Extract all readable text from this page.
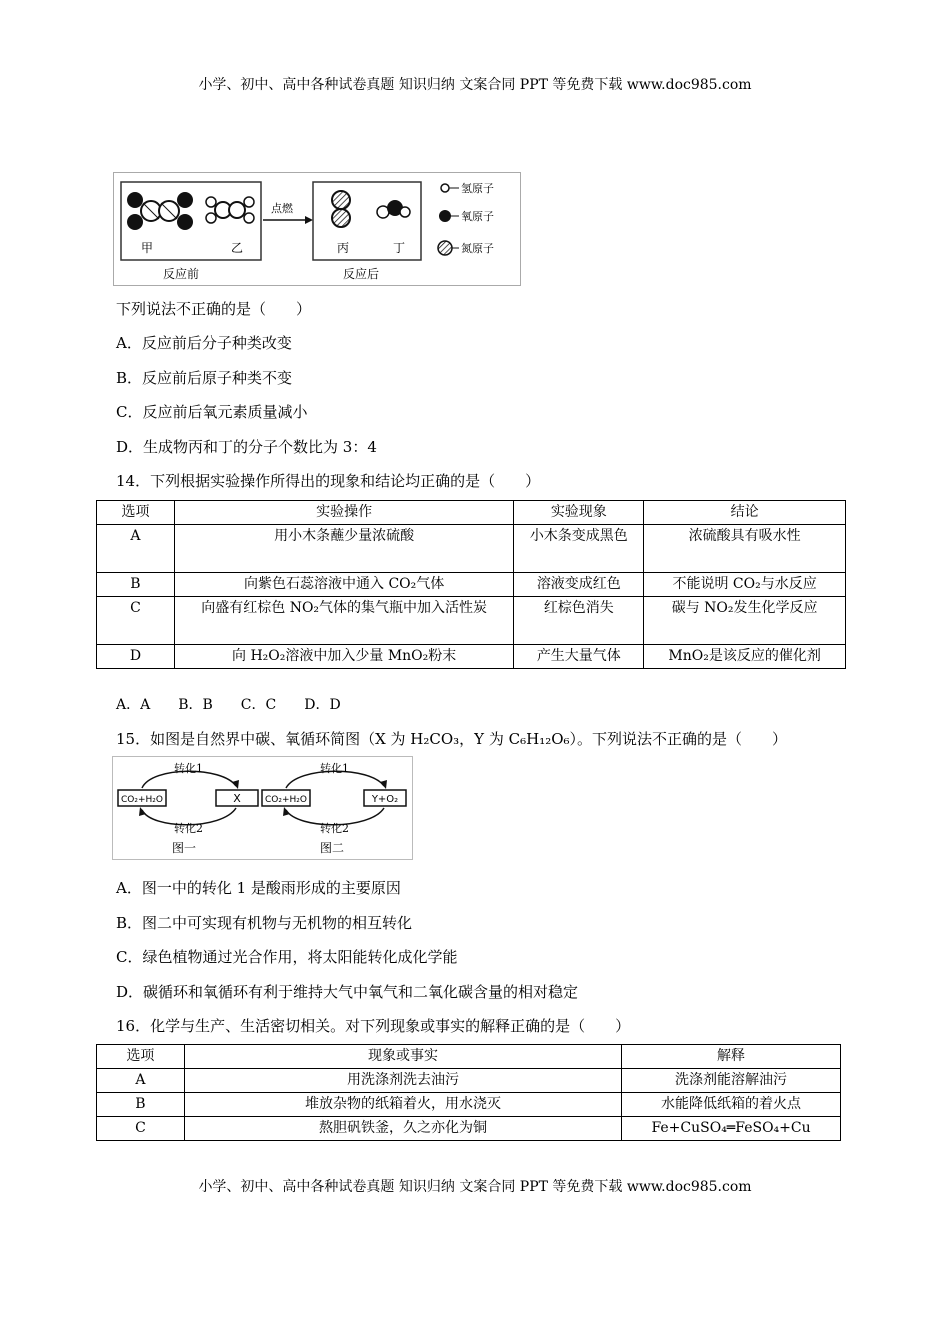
小学、初中、高中各种试卷真题 知识归纳 文案合同 PPT 等免费下载 www.doc985.com
甲	乙
反应前
点燃
丙	丁
反应后
氢原子
氧原子
氮原子
下列说法不正确的是（　　）
A．反应前后分子种类改变
B．反应前后原子种类不变
C．反应前后氧元素质量减小
D．生成物丙和丁的分子个数比为 3：4
14．下列根据实验操作所得出的现象和结论均正确的是（　　）
选项	实验操作	实验现象	结论
A	用小木条蘸少量浓硫酸	小木条变成黑色	浓硫酸具有吸水性
B	向紫色石蕊溶液中通入 CO₂气体	溶液变成红色	不能说明 CO₂与水反应
C	向盛有红棕色 NO₂气体的集气瓶中加入活性炭	红棕色消失	碳与 NO₂发生化学反应
D	向 H₂O₂溶液中加入少量 MnO₂粉末	产生大量气体	MnO₂是该反应的催化剂
A．A　　B．B　　C．C　　D．D
15．如图是自然界中碳、氧循环简图（X 为 H₂CO₃，Y 为 C₆H₁₂O₆）。下列说法不正确的是（　　）
CO₂+H₂O	X
转化1
转化2
图一
CO₂+H₂O	Y+O₂
转化1
转化2
图二
A．图一中的转化 1 是酸雨形成的主要原因
B．图二中可实现有机物与无机物的相互转化
C．绿色植物通过光合作用，将太阳能转化成化学能
D．碳循环和氧循环有利于维持大气中氧气和二氧化碳含量的相对稳定
16．化学与生产、生活密切相关。对下列现象或事实的解释正确的是（　　）
选项	现象或事实	解释
A	用洗涤剂洗去油污	洗涤剂能溶解油污
B	堆放杂物的纸箱着火，用水浇灭	水能降低纸箱的着火点
C	熬胆矾铁釜，久之亦化为铜	Fe+CuSO₄═FeSO₄+Cu
小学、初中、高中各种试卷真题 知识归纳 文案合同 PPT 等免费下载 www.doc985.com
